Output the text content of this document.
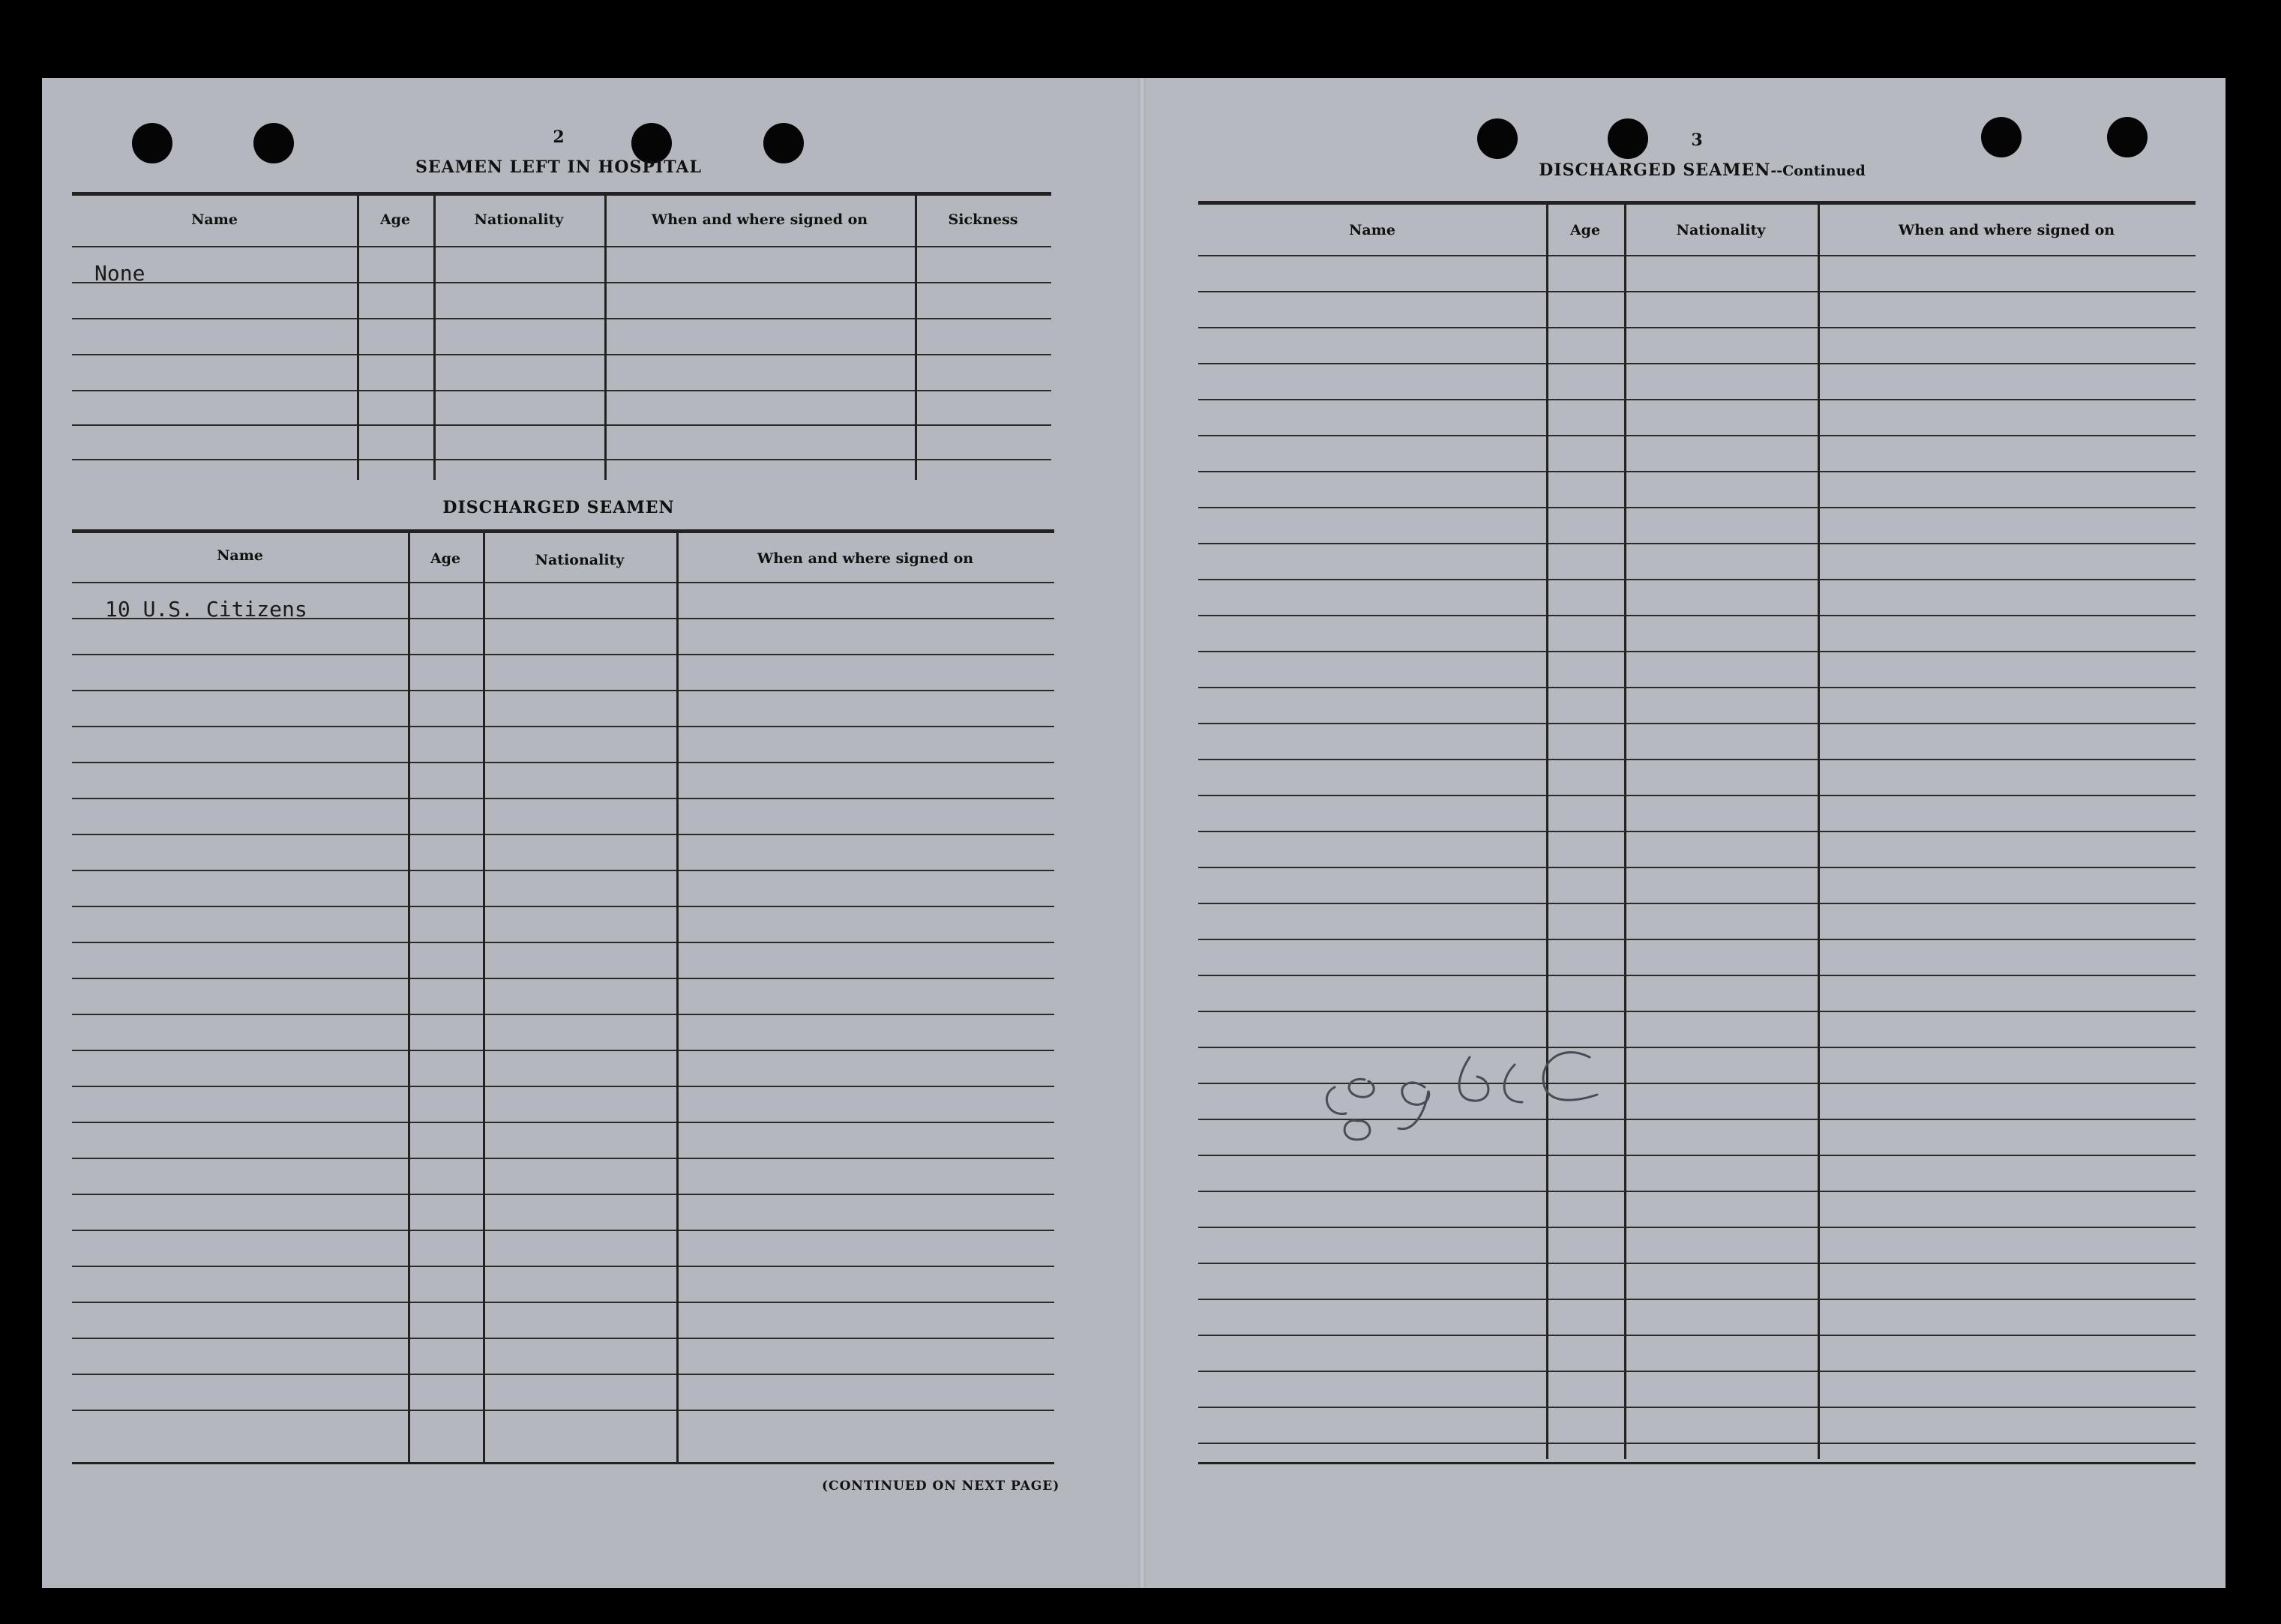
2
SEAMEN LEFT IN HOSPITAL
Name	Age	Nationality	When and where signed on	Sickness
None
DISCHARGED SEAMEN
Name	Age	Nationality	When and where signed on
10 U.S. Citizens
(CONTINUED ON NEXT PAGE)
3
DISCHARGED SEAMEN--Continued
Name	Age	Nationality	When and where signed on
